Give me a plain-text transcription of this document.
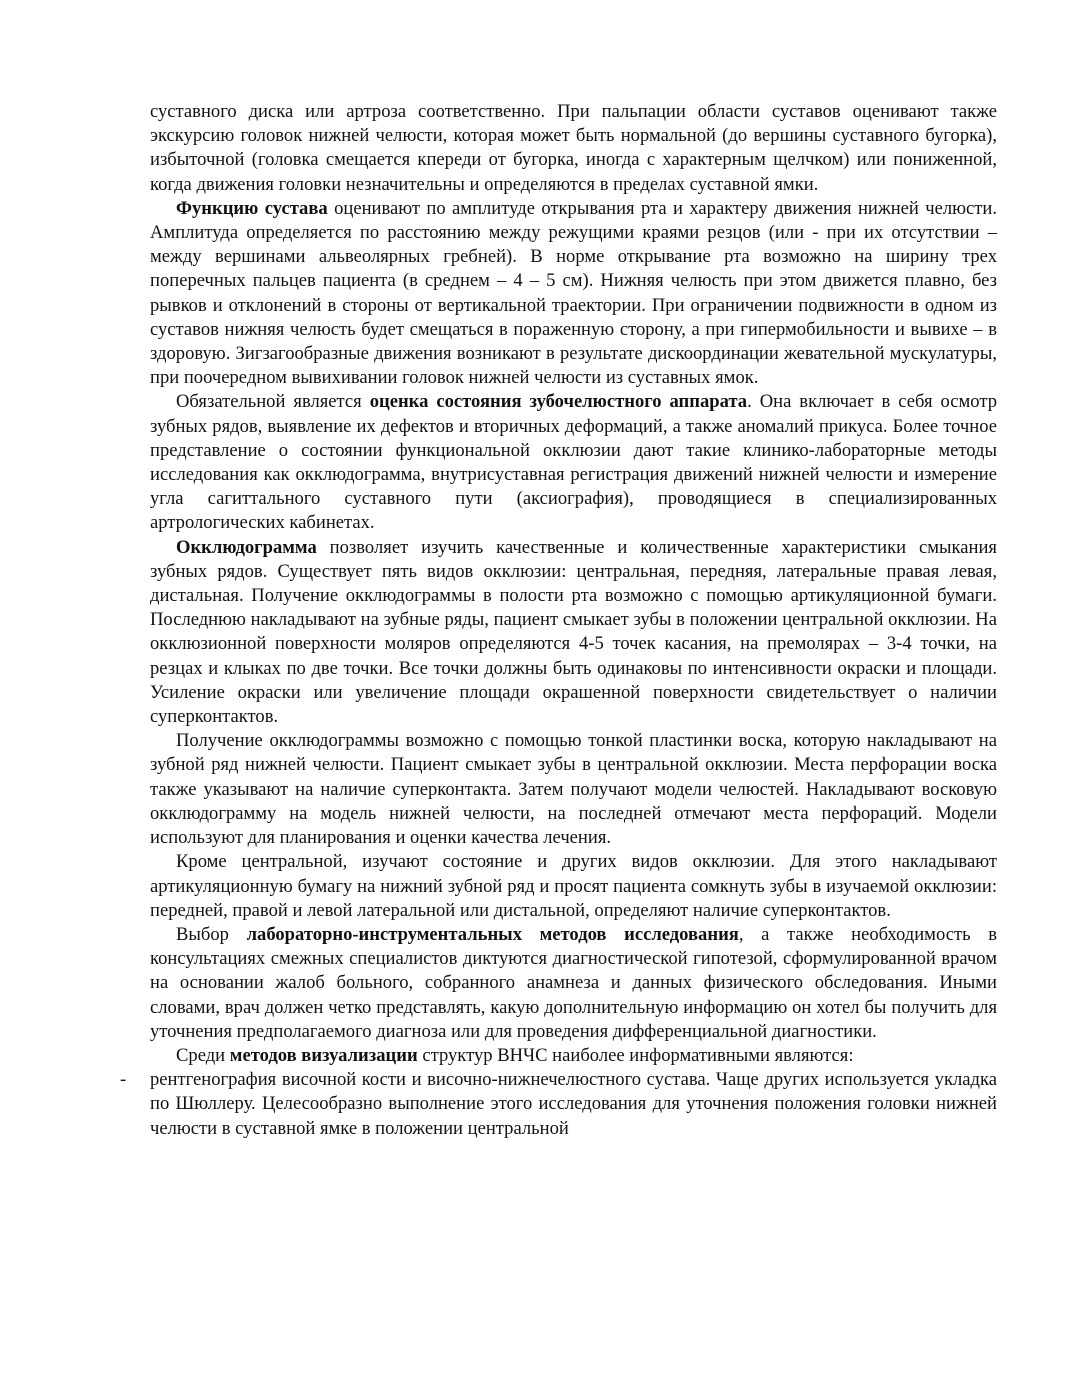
суставного диска или артроза соответственно. При пальпации области суставов оценивают также экскурсию головок нижней челюсти, которая может быть нормальной (до вершины суставного бугорка), избыточной (головка смещается кпереди от бугорка, иногда с характерным щелчком) или пониженной, когда движения головки незначительны и определяются в пределах суставной ямки.

Функцию сустава оценивают по амплитуде открывания рта и характеру движения нижней челюсти. Амплитуда определяется по расстоянию между режущими краями резцов (или - при их отсутствии – между вершинами альвеолярных гребней). В норме открывание рта возможно на ширину трех поперечных пальцев пациента (в среднем – 4 – 5 см). Нижняя челюсть при этом движется плавно, без рывков и отклонений в стороны от вертикальной траектории. При ограничении подвижности в одном из суставов нижняя челюсть будет смещаться в пораженную сторону, а при гипермобильности и вывихе – в здоровую. Зигзагообразные движения возникают в результате дискоординации жевательной мускулатуры, при поочередном вывихивании головок нижней челюсти из суставных ямок.

Обязательной является оценка состояния зубочелюстного аппарата. Она включает в себя осмотр зубных рядов, выявление их дефектов и вторичных деформаций, а также аномалий прикуса. Более точное представление о состоянии функциональной окклюзии дают такие клинико-лабораторные методы исследования как окклюдограмма, внутрисуставная регистрация движений нижней челюсти и измерение угла сагиттального суставного пути (аксиография), проводящиеся в специализированных артрологических кабинетах.

Окклюдограмма позволяет изучить качественные и количественные характеристики смыкания зубных рядов. Существует пять видов окклюзии: центральная, передняя, латеральные правая левая, дистальная. Получение окклюдограммы в полости рта возможно с помощью артикуляционной бумаги. Последнюю накладывают на зубные ряды, пациент смыкает зубы в положении центральной окклюзии. На окклюзионной поверхности моляров определяются 4-5 точек касания, на премолярах – 3-4 точки, на резцах и клыках по две точки. Все точки должны быть одинаковы по интенсивности окраски и площади. Усиление окраски или увеличение площади окрашенной поверхности свидетельствует о наличии суперконтактов.

Получение окклюдограммы возможно с помощью тонкой пластинки воска, которую накладывают на зубной ряд нижней челюсти. Пациент смыкает зубы в центральной окклюзии. Места перфорации воска также указывают на наличие суперконтакта. Затем получают модели челюстей. Накладывают восковую окклюдограмму на модель нижней челюсти, на последней отмечают места перфораций. Модели используют для планирования и оценки качества лечения.

Кроме центральной, изучают состояние и других видов окклюзии. Для этого накладывают артикуляционную бумагу на нижний зубной ряд и просят пациента сомкнуть зубы в изучаемой окклюзии: передней, правой и левой латеральной или дистальной, определяют наличие суперконтактов.

Выбор лабораторно-инструментальных методов исследования, а также необходимость в консультациях смежных специалистов диктуются диагностической гипотезой, сформулированной врачом на основании жалоб больного, собранного анамнеза и данных физического обследования. Иными словами, врач должен четко представлять, какую дополнительную информацию он хотел бы получить для уточнения предполагаемого диагноза или для проведения дифференциальной диагностики.

Среди методов визуализации структур ВНЧС наиболее информативными являются:

- рентгенография височной кости и височно-нижнечелюстного сустава. Чаще других используется укладка по Шюллеру. Целесообразно выполнение этого исследования для уточнения положения головки нижней челюсти в суставной ямке в положении центральной
